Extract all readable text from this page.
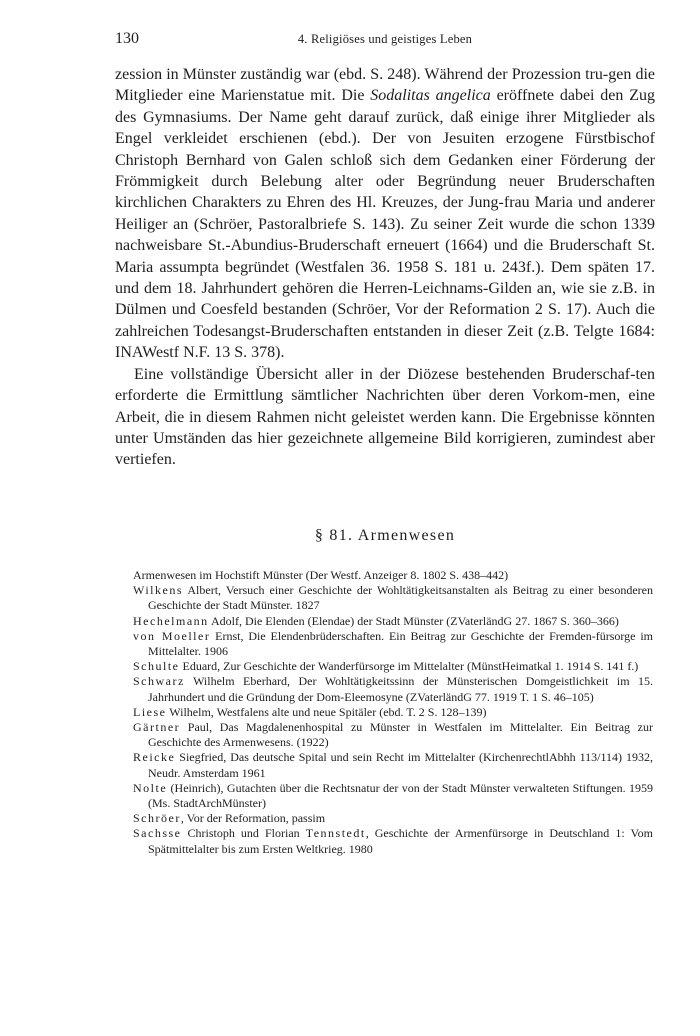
130	4. Religiöses und geistiges Leben

zession in Münster zuständig war (ebd. S. 248). Während der Prozession tru-gen die Mitglieder eine Marienstatue mit. Die Sodalitas angelica eröffnete dabei den Zug des Gymnasiums. Der Name geht darauf zurück, daß einige ihrer Mitglieder als Engel verkleidet erschienen (ebd.). Der von Jesuiten erzogene Fürstbischof Christoph Bernhard von Galen schloß sich dem Gedanken einer Förderung der Frömmigkeit durch Belebung alter oder Begründung neuer Bruderschaften kirchlichen Charakters zu Ehren des Hl. Kreuzes, der Jung-frau Maria und anderer Heiliger an (Schröer, Pastoralbriefe S. 143). Zu seiner Zeit wurde die schon 1339 nachweisbare St.-Abundius-Bruderschaft erneuert (1664) und die Bruderschaft St. Maria assumpta begründet (Westfalen 36. 1958 S. 181 u. 243f.). Dem späten 17. und dem 18. Jahrhundert gehören die Herren-Leichnams-Gilden an, wie sie z.B. in Dülmen und Coesfeld bestanden (Schröer, Vor der Reformation 2 S. 17). Auch die zahlreichen Todesangst-Bruderschaften entstanden in dieser Zeit (z.B. Telgte 1684: INAWestf N.F. 13 S. 378).

Eine vollständige Übersicht aller in der Diözese bestehenden Bruderschaf-ten erforderte die Ermittlung sämtlicher Nachrichten über deren Vorkom-men, eine Arbeit, die in diesem Rahmen nicht geleistet werden kann. Die Ergebnisse könnten unter Umständen das hier gezeichnete allgemeine Bild korrigieren, zumindest aber vertiefen.

§ 81. Armenwesen
Armenwesen im Hochstift Münster (Der Westf. Anzeiger 8. 1802 S. 438–442)
Wilkens Albert, Versuch einer Geschichte der Wohltätigkeitsanstalten als Beitrag zu einer besonderen Geschichte der Stadt Münster. 1827
Hechelmann Adolf, Die Elenden (Elendae) der Stadt Münster (ZVaterländG 27. 1867 S. 360–366)
von Moeller Ernst, Die Elendenbrüderschaften. Ein Beitrag zur Geschichte der Fremden-fürsorge im Mittelalter. 1906
Schulte Eduard, Zur Geschichte der Wanderfürsorge im Mittelalter (MünstHeimatkal 1. 1914 S. 141 f.)
Schwarz Wilhelm Eberhard, Der Wohltätigkeitssinn der Münsterischen Domgeistlichkeit im 15. Jahrhundert und die Gründung der Dom-Eleemosyne (ZVaterländG 77. 1919 T. 1 S. 46–105)
Liese Wilhelm, Westfalens alte und neue Spitäler (ebd. T. 2 S. 128–139)
Gärtner Paul, Das Magdalenenhospital zu Münster in Westfalen im Mittelalter. Ein Beitrag zur Geschichte des Armenwesens. (1922)
Reicke Siegfried, Das deutsche Spital und sein Recht im Mittelalter (KirchenrechtlAbhh 113/114) 1932, Neudr. Amsterdam 1961
Nolte (Heinrich), Gutachten über die Rechtsnatur der von der Stadt Münster verwalteten Stiftungen. 1959 (Ms. StadtArchMünster)
Schröer, Vor der Reformation, passim
Sachsse Christoph und Florian Tennstedt, Geschichte der Armenfürsorge in Deutschland 1: Vom Spätmittelalter bis zum Ersten Weltkrieg. 1980
